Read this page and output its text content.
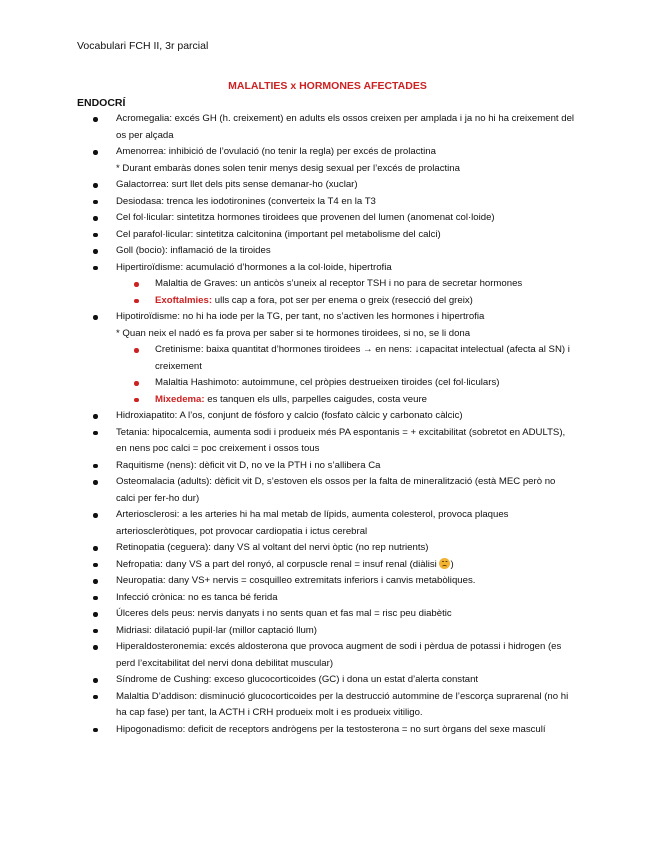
Vocabulari FCH II, 3r parcial
MALALTIES x HORMONES AFECTADES
ENDOCRÍ
Acromegalia: excés GH (h. creixement) en adults els ossos creixen per amplada i ja no hi ha creixement del os per alçada
Amenorrea: inhibició de l’ovulació (no tenir la regla) per excés de prolactina
* Durant embaràs dones solen tenir menys desig sexual per l’excés de prolactina
Galactorrea: surt llet dels pits sense demanar-ho (xuclar)
Desiodasa: trenca les iodotironines (converteix la T4 en la T3
Cel fol·licular: sintetitza hormones tiroidees que provenen del lumen (anomenat col·loide)
Cel parafol·licular: sintetitza calcitonina (important pel metabolisme del calci)
Goll (bocio): inflamació de la tiroides
Hipertiroïdisme: acumulació d’hormones a la col·loide, hipertrofia
Malaltia de Graves: un anticòs s’uneix al receptor TSH i no para de secretar hormones
Exoftalmies: ulls cap a fora, pot ser per enema o greix (resecció del greix)
Hipotiroïdisme: no hi ha iode per la TG, per tant, no s’activen les hormones i hipertrofia
* Quan neix el nadó es fa prova per saber si te hormones tiroidees, si no, se li dona
Cretinisme: baixa quantitat d’hormones tiroidees → en nens: ↓capacitat intelectual (afecta al SN) i creixement
Malaltia Hashimoto: autoimmune, cel pròpies destrueixen tiroides (cel fol·liculars)
Mixedema: es tanquen els ulls, parpelles caigudes, costa veure
Hidroxiapatito: A l’os, conjunt de fósforo y calcio (fosfato càlcic y carbonato càlcic)
Tetania: hipocalcemia, aumenta sodi i produeix més PA espontanis = + excitabilitat (sobretot en ADULTS), en nens poc calci = poc creixement i ossos tous
Raquitisme (nens): dèficit vit D, no ve la PTH i no s’allibera Ca
Osteomalacia (adults): dèficit vit D, s’estoven els ossos per la falta de mineralització (està MEC però no calci per fer-ho dur)
Arteriosclerosi: a les arteries hi ha mal metab de lípids, aumenta colesterol, provoca plaques arterioscleròtiques, pot provocar cardiopatia i ictus cerebral
Retinopatia (ceguera): dany VS al voltant del nervi òptic (no rep nutrients)
Nefropatia: dany VS a part del ronyó, al corpuscle renal = insuf renal (diàlisi )
Neuropatia: dany VS+ nervis = cosquilleo extremitats inferiors i canvis metabòliques.
Infecció crònica: no es tanca bé ferida
Úlceres dels peus: nervis danyats i no sents quan et fas mal = risc peu diabètic
Midriasi: dilatació pupil·lar (millor captació llum)
Hiperaldosteronemia: excés aldosterona que provoca augment de sodi i pèrdua de potassi i hidrogen (es perd l’excitabilitat del nervi dona debilitat muscular)
Síndrome de Cushing: exceso glucocorticoides (GC) i dona un estat d’alerta constant
Malaltia D’addison: disminució glucocorticoides per la destrucció autommine de l’escorça suprarenal (no hi ha cap fase) per tant, la ACTH i CRH produeix molt i es produeix vitiligo.
Hipogonadismo: deficit de receptors andrògens per la testosterona = no surt òrgans del sexe masculí
